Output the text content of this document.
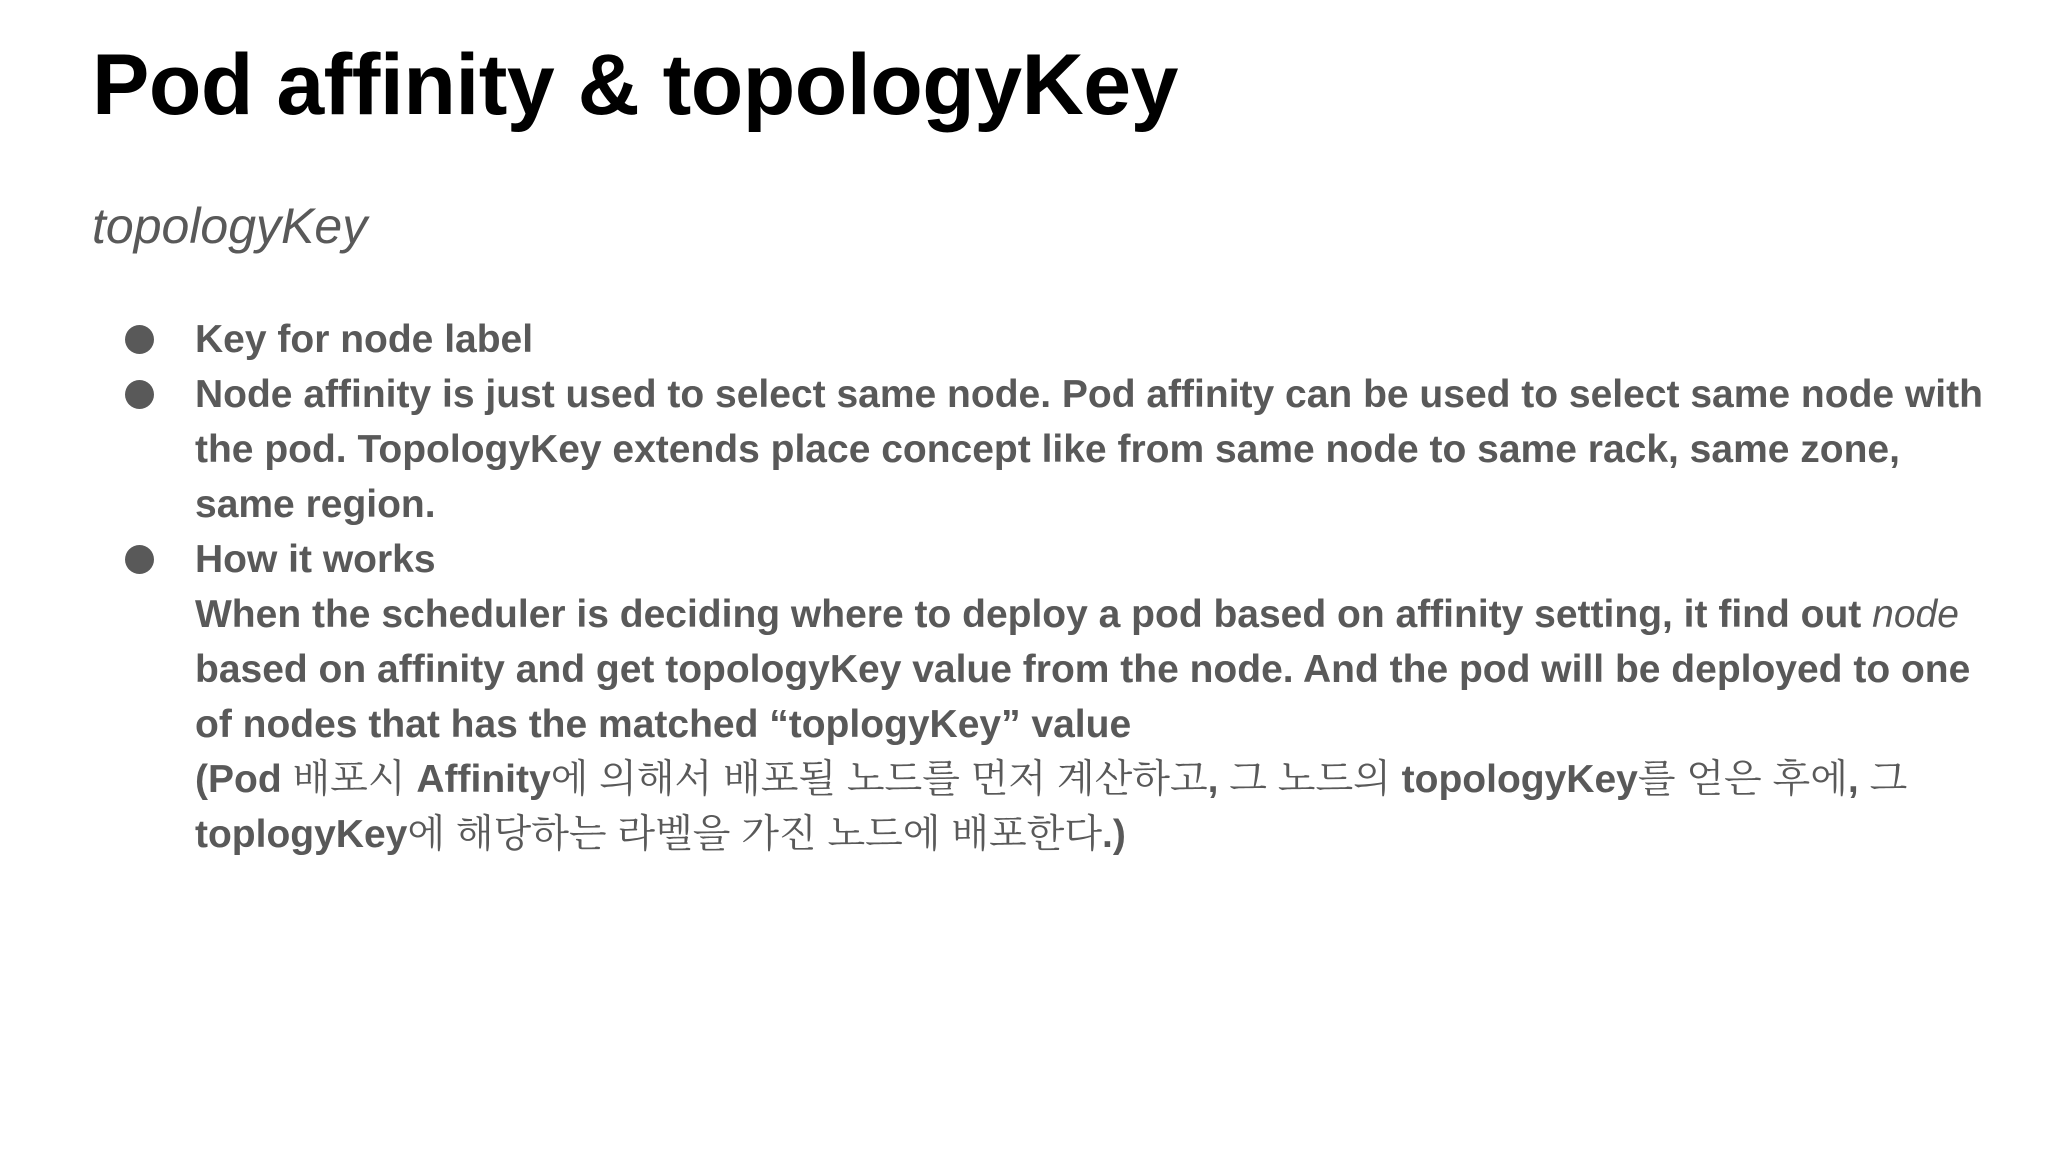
Pod affinity & topologyKey
topologyKey
Key for node label
Node affinity is just used to select same node. Pod affinity can be used to select same node with the pod. TopologyKey extends place concept like from same node to same rack, same zone, same region.
How it works
When the scheduler is deciding where to deploy a pod based on affinity setting, it find out node based on affinity and get topologyKey value from the node. And the pod will be deployed to one of nodes that has the matched “toplogyKey” value
(Pod 배포시 Affinity에 의해서 배포될 노드를 먼저 계산하고, 그 노드의 topologyKey를 얻은 후에, 그 toplogyKey에 해당하는 라벨을 가진 노드에 배포한다.)
